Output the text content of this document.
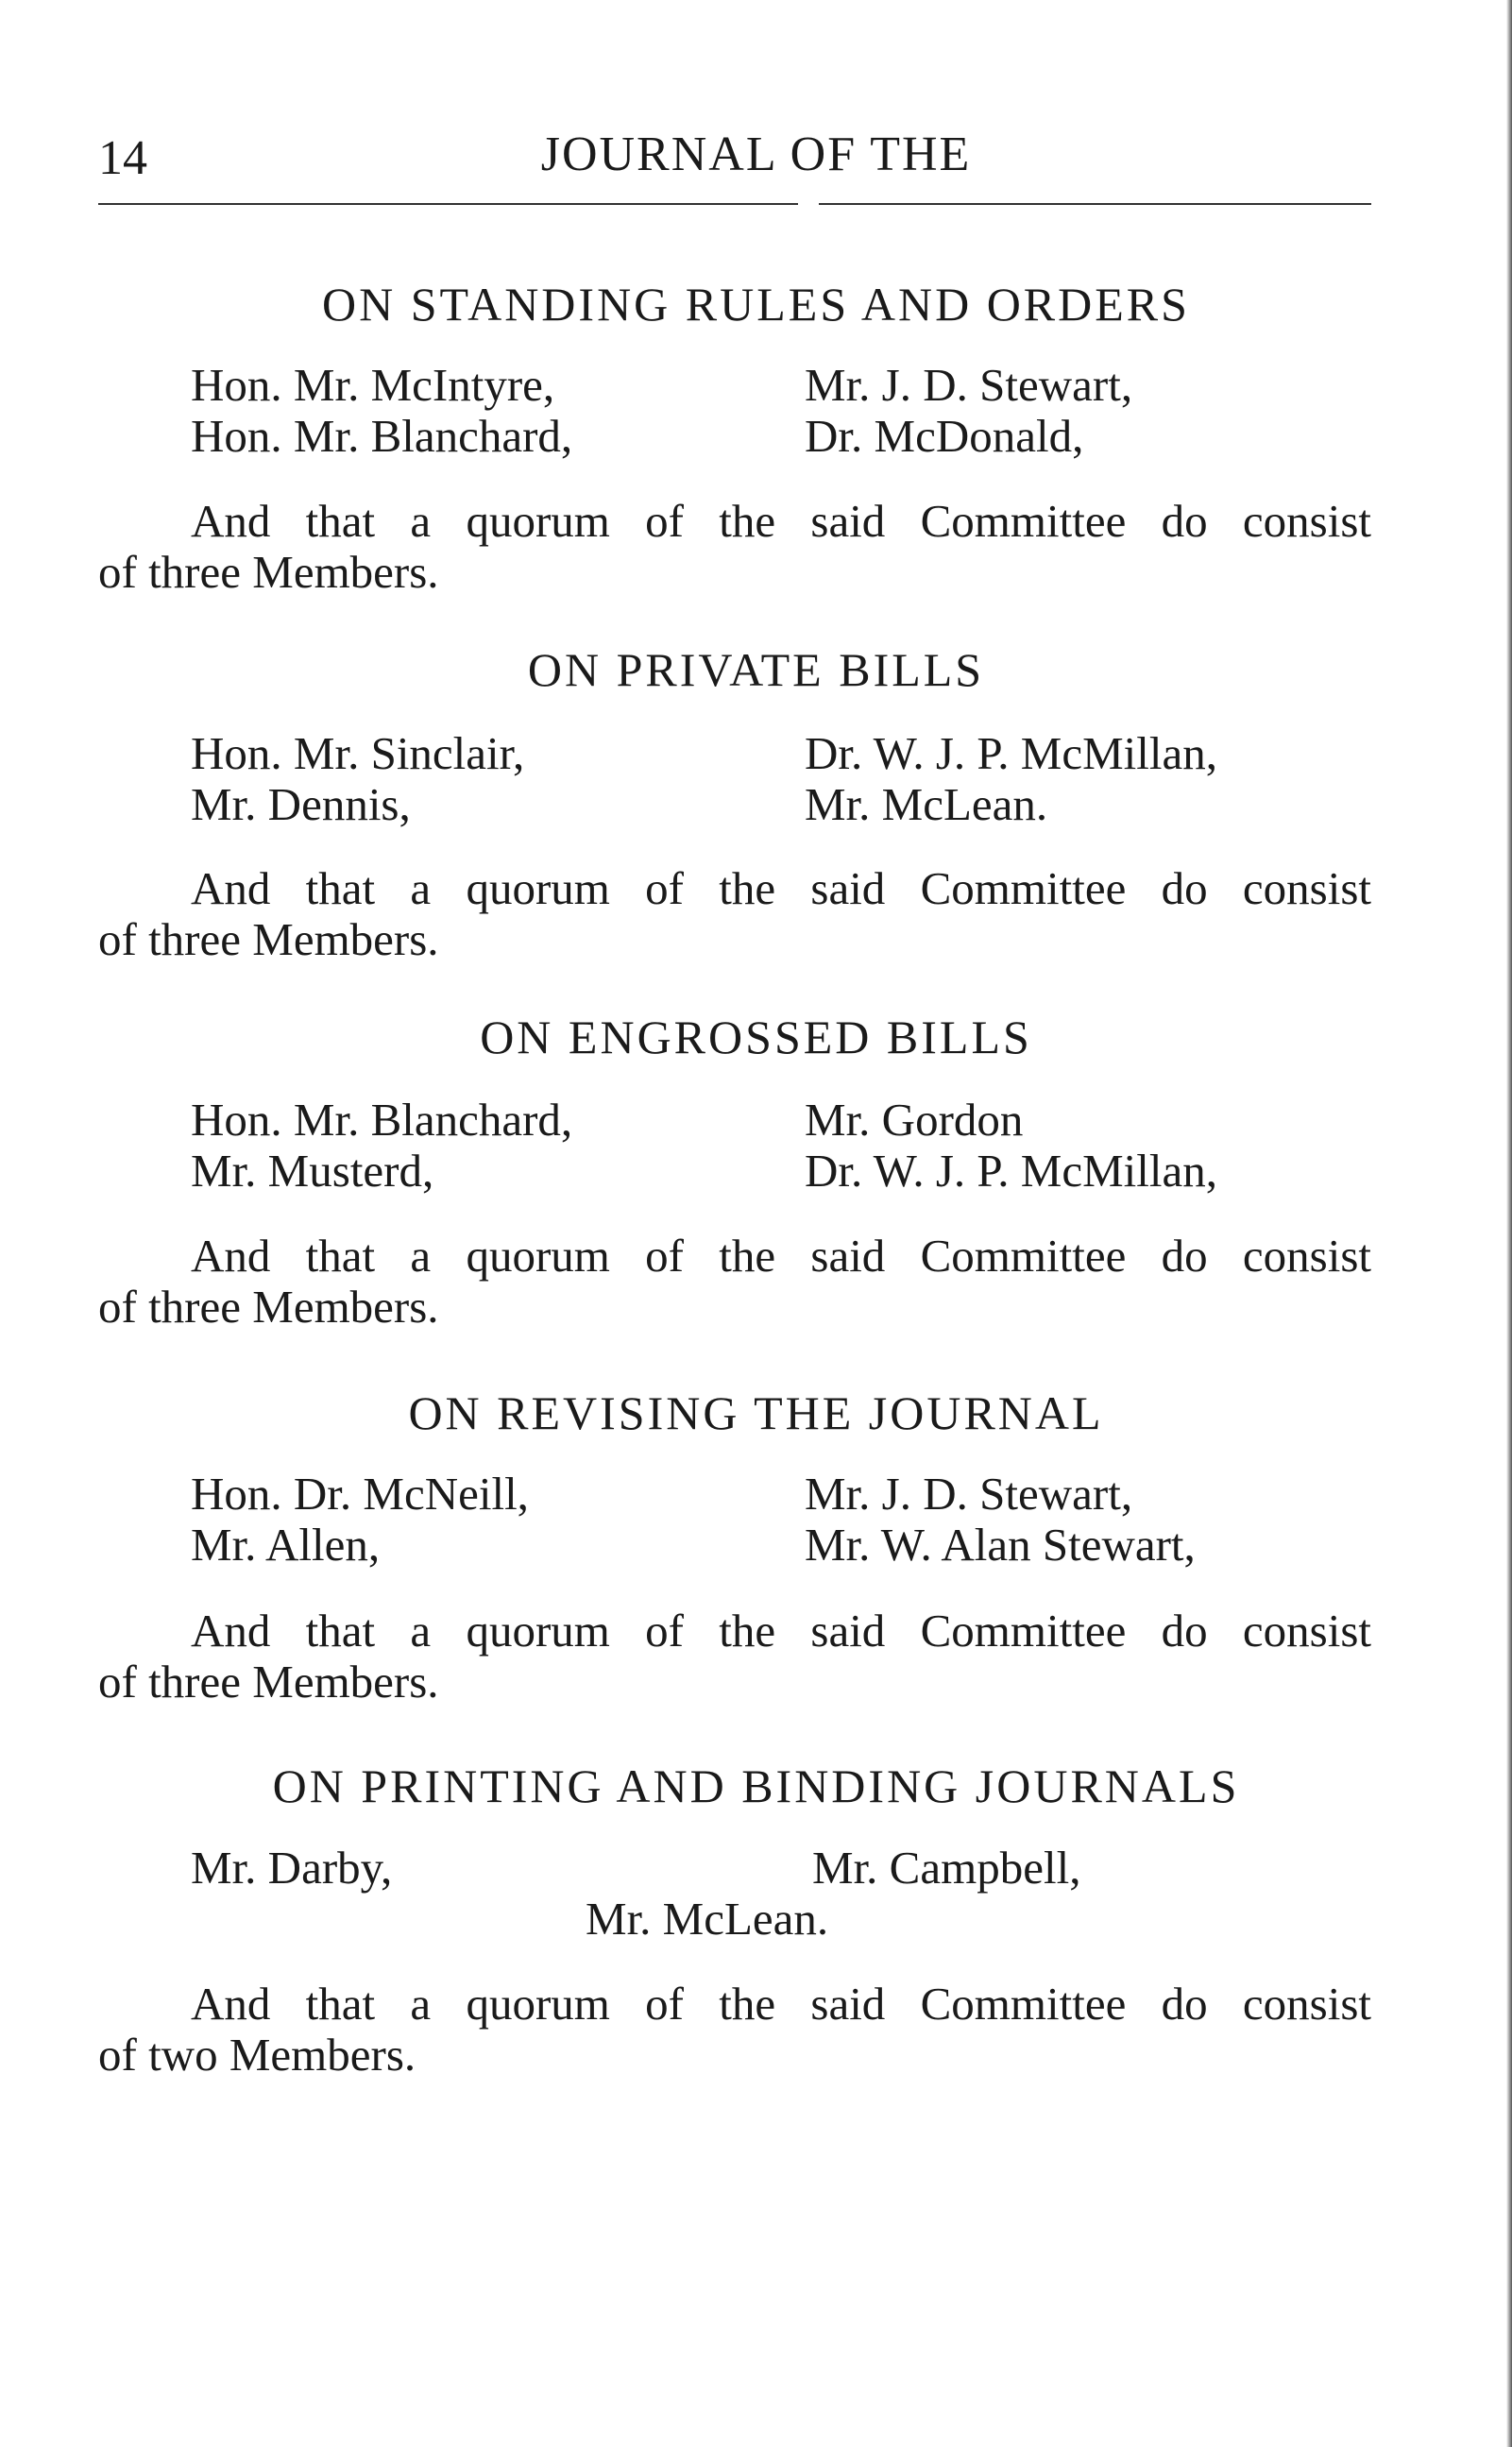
14	JOURNAL OF THE
ON STANDING RULES AND ORDERS
Hon. Mr. McIntyre,
Hon. Mr. Blanchard,
Mr. J. D. Stewart,
Dr. McDonald,
And that a quorum of the said Committee do consist
of three Members.
ON PRIVATE BILLS
Hon. Mr. Sinclair,
Mr. Dennis,
Dr. W. J. P. McMillan,
Mr. McLean.
And that a quorum of the said Committee do consist
of three Members.
ON ENGROSSED BILLS
Hon. Mr. Blanchard,
Mr. Musterd,
Mr. Gordon
Dr. W. J. P. McMillan,
And that a quorum of the said Committee do consist
of three Members.
ON REVISING THE JOURNAL
Hon. Dr. McNeill,
Mr. Allen,
Mr. J. D. Stewart,
Mr. W. Alan Stewart,
And that a quorum of the said Committee do consist
of three Members.
ON PRINTING AND BINDING JOURNALS
Mr. Darby,	Mr. Campbell,
Mr. McLean.
And that a quorum of the said Committee do consist
of two Members.
